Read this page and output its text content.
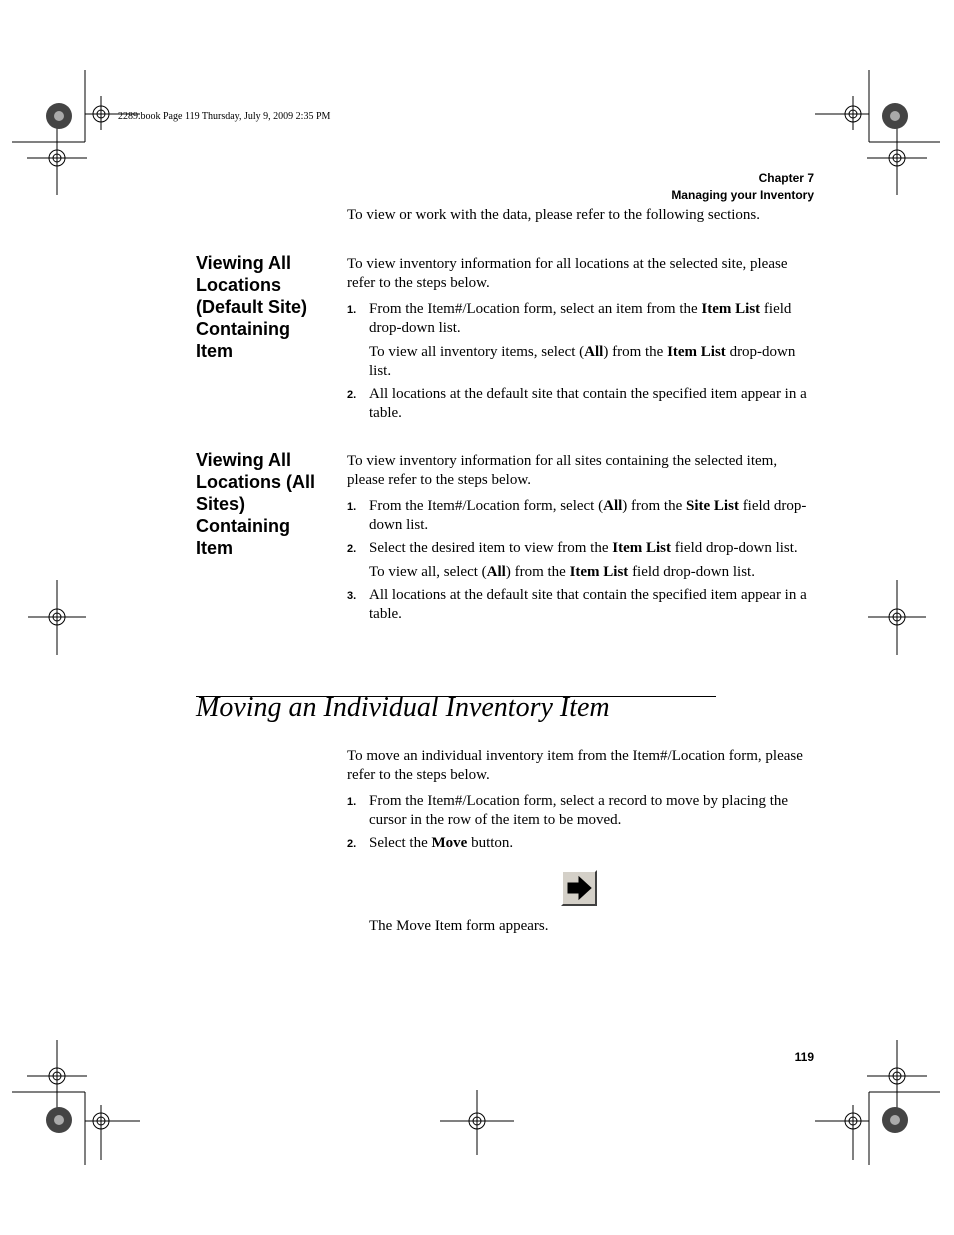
2289.book Page 119 Thursday, July 9, 2009 2:35 PM
Chapter 7
Managing your Inventory
To view or work with the data, please refer to the following sections.
Viewing All
Locations
(Default Site)
Containing
Item
To view inventory information for all locations at the selected site, please refer to the steps below.
1. From the Item#/Location form, select an item from the Item List field drop-down list.
To view all inventory items, select (All) from the Item List drop-down list.
2. All locations at the default site that contain the specified item appear in a table.
Viewing All
Locations (All
Sites)
Containing
Item
To view inventory information for all sites containing the selected item, please refer to the steps below.
1. From the Item#/Location form, select (All) from the Site List field drop-down list.
2. Select the desired item to view from the Item List field drop-down list.
To view all, select (All) from the Item List field drop-down list.
3. All locations at the default site that contain the specified item appear in a table.
Moving an Individual Inventory Item
To move an individual inventory item from the Item#/Location form, please refer to the steps below.
1. From the Item#/Location form, select a record to move by placing the cursor in the row of the item to be moved.
2. Select the Move button.
The Move Item form appears.
119
